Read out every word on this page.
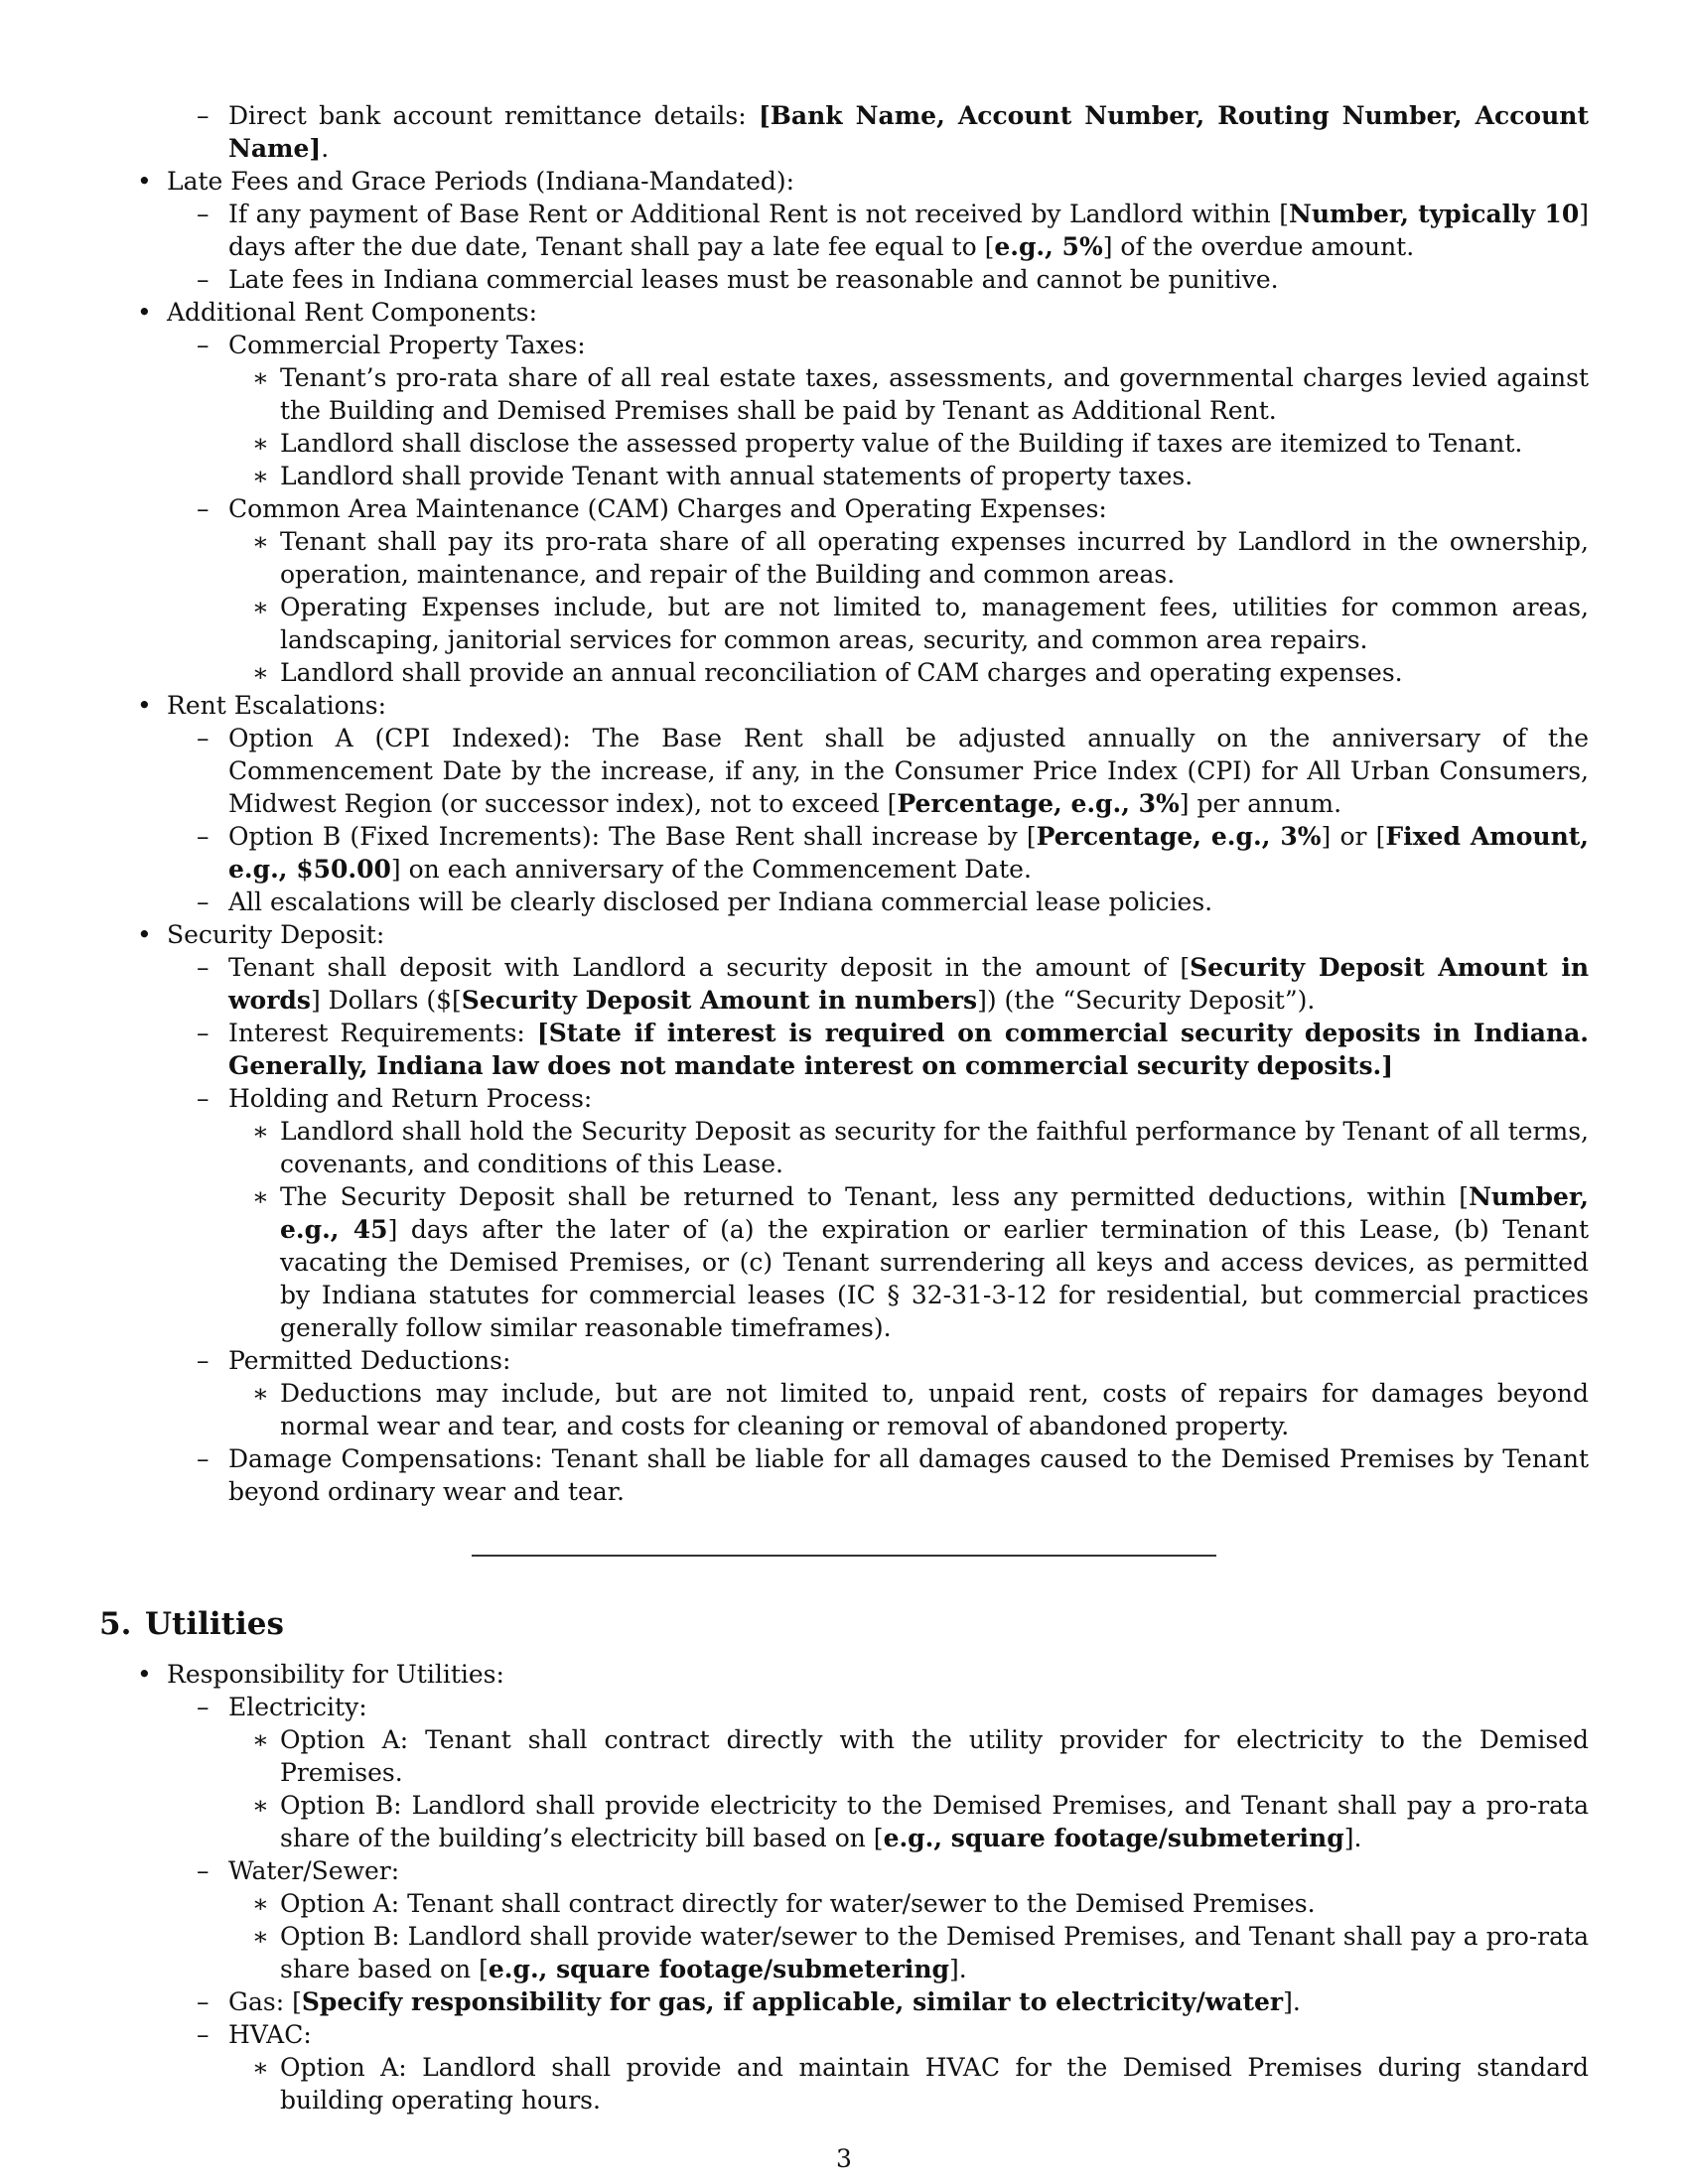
– Direct bank account remittance details: [Bank Name, Account Number, Routing Number, Account Name].
• Late Fees and Grace Periods (Indiana-Mandated):
– If any payment of Base Rent or Additional Rent is not received by Landlord within [Number, typically 10] days after the due date, Tenant shall pay a late fee equal to [e.g., 5%] of the overdue amount.
– Late fees in Indiana commercial leases must be reasonable and cannot be punitive.
• Additional Rent Components:
– Commercial Property Taxes:
∗ Tenant’s pro-rata share of all real estate taxes, assessments, and governmental charges levied against the Building and Demised Premises shall be paid by Tenant as Additional Rent.
∗ Landlord shall disclose the assessed property value of the Building if taxes are itemized to Tenant.
∗ Landlord shall provide Tenant with annual statements of property taxes.
– Common Area Maintenance (CAM) Charges and Operating Expenses:
∗ Tenant shall pay its pro-rata share of all operating expenses incurred by Landlord in the ownership, operation, maintenance, and repair of the Building and common areas.
∗ Operating Expenses include, but are not limited to, management fees, utilities for common areas, landscaping, janitorial services for common areas, security, and common area repairs.
∗ Landlord shall provide an annual reconciliation of CAM charges and operating expenses.
• Rent Escalations:
– Option A (CPI Indexed): The Base Rent shall be adjusted annually on the anniversary of the Commencement Date by the increase, if any, in the Consumer Price Index (CPI) for All Urban Consumers, Midwest Region (or successor index), not to exceed [Percentage, e.g., 3%] per annum.
– Option B (Fixed Increments): The Base Rent shall increase by [Percentage, e.g., 3%] or [Fixed Amount, e.g., $50.00] on each anniversary of the Commencement Date.
– All escalations will be clearly disclosed per Indiana commercial lease policies.
• Security Deposit:
– Tenant shall deposit with Landlord a security deposit in the amount of [Security Deposit Amount in words] Dollars ($[Security Deposit Amount in numbers]) (the “Security Deposit”).
– Interest Requirements: [State if interest is required on commercial security deposits in Indiana. Generally, Indiana law does not mandate interest on commercial security deposits.]
– Holding and Return Process:
∗ Landlord shall hold the Security Deposit as security for the faithful performance by Tenant of all terms, covenants, and conditions of this Lease.
∗ The Security Deposit shall be returned to Tenant, less any permitted deductions, within [Number, e.g., 45] days after the later of (a) the expiration or earlier termination of this Lease, (b) Tenant vacating the Demised Premises, or (c) Tenant surrendering all keys and access devices, as permitted by Indiana statutes for commercial leases (IC § 32-31-3-12 for residential, but commercial practices generally follow similar reasonable timeframes).
– Permitted Deductions:
∗ Deductions may include, but are not limited to, unpaid rent, costs of repairs for damages beyond normal wear and tear, and costs for cleaning or removal of abandoned property.
– Damage Compensations: Tenant shall be liable for all damages caused to the Demised Premises by Tenant beyond ordinary wear and tear.
5. Utilities
• Responsibility for Utilities:
– Electricity:
∗ Option A: Tenant shall contract directly with the utility provider for electricity to the Demised Premises.
∗ Option B: Landlord shall provide electricity to the Demised Premises, and Tenant shall pay a pro-rata share of the building’s electricity bill based on [e.g., square footage/submetering].
– Water/Sewer:
∗ Option A: Tenant shall contract directly for water/sewer to the Demised Premises.
∗ Option B: Landlord shall provide water/sewer to the Demised Premises, and Tenant shall pay a pro-rata share based on [e.g., square footage/submetering].
– Gas: [Specify responsibility for gas, if applicable, similar to electricity/water].
– HVAC:
∗ Option A: Landlord shall provide and maintain HVAC for the Demised Premises during standard building operating hours.
3
